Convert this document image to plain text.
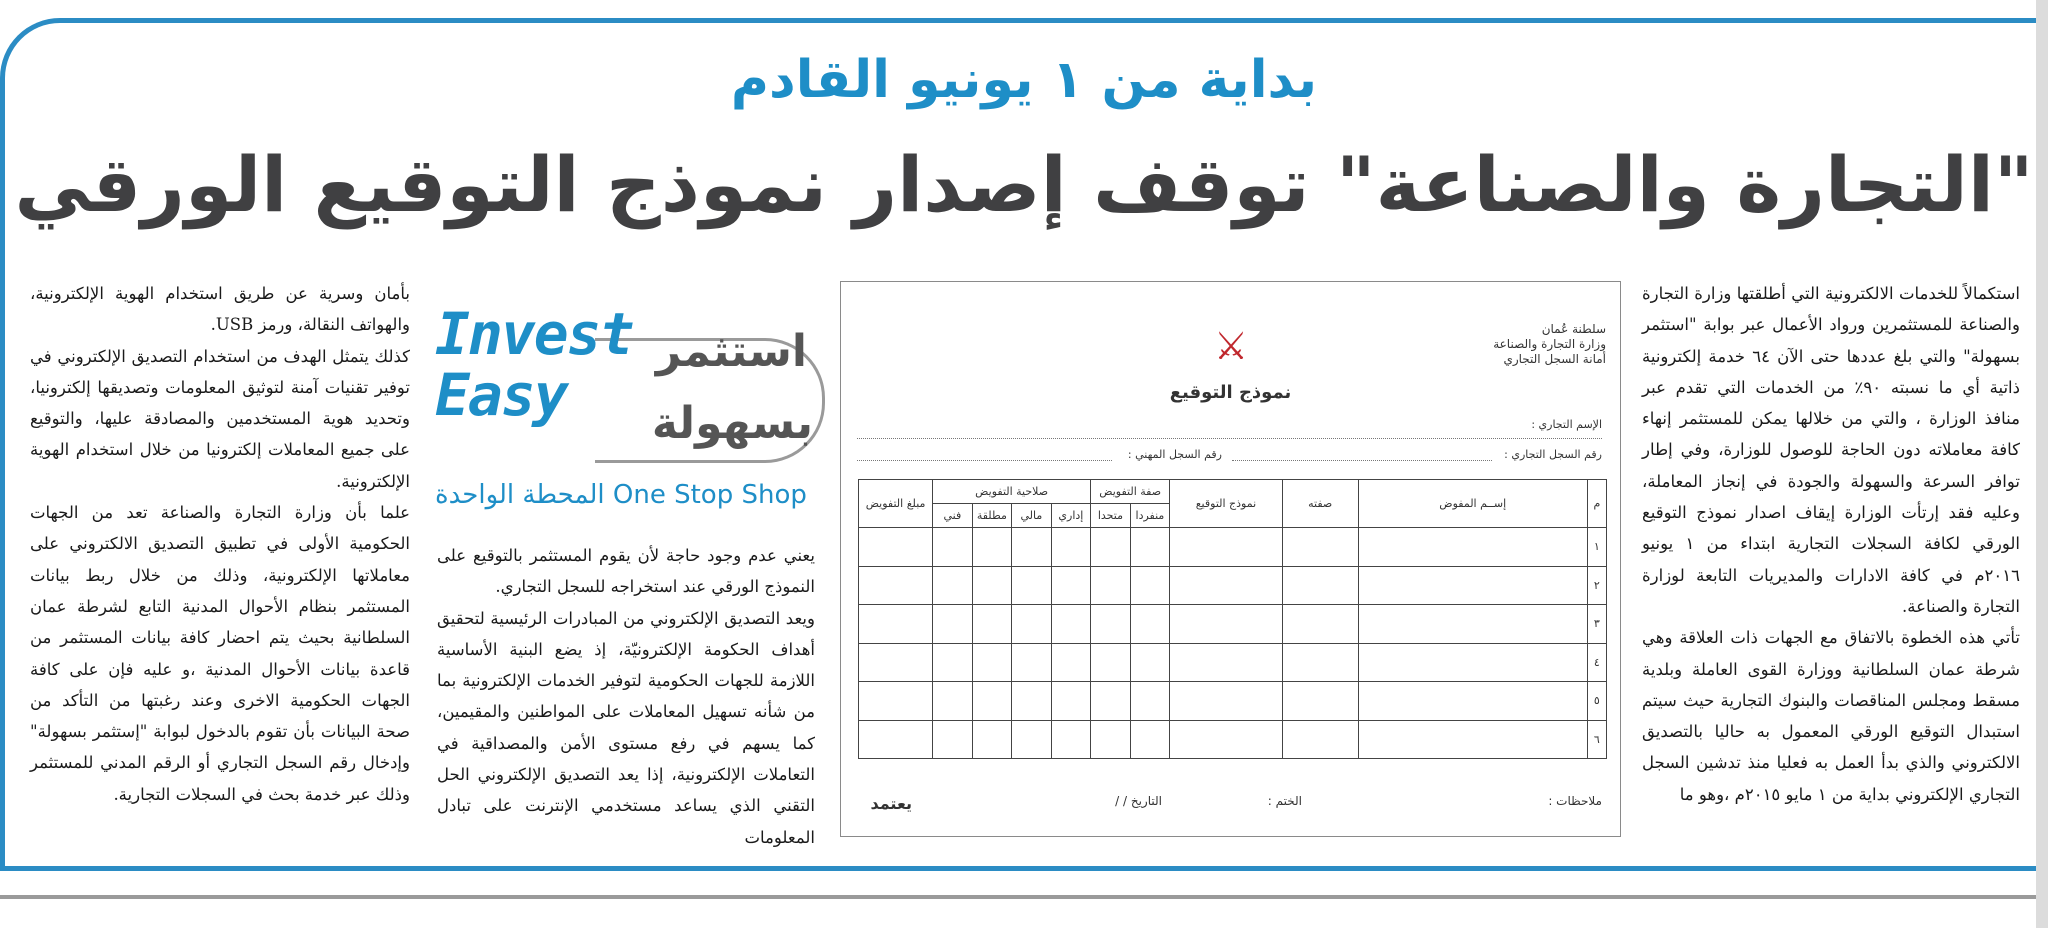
بداية من ١ يونيو القادم
"التجارة والصناعة" توقف إصدار نموذج التوقيع الورقي

استكمالاً للخدمات الالكترونية التي أطلقتها وزارة التجارة والصناعة للمستثمرين ورواد الأعمال عبر بوابة "استثمر بسهولة" والتي بلغ عددها حتى الآن ٦٤ خدمة إلكترونية ذاتية أي ما نسبته ٩٠٪ من الخدمات التي تقدم عبر منافذ الوزارة ، والتي من خلالها يمكن للمستثمر إنهاء كافة معاملاته دون الحاجة للوصول للوزارة، وفي إطار توافر السرعة والسهولة والجودة في إنجاز المعاملة، وعليه فقد إرتأت الوزارة إيقاف اصدار نموذج التوقيع الورقي لكافة السجلات التجارية ابتداء من ١ يونيو ٢٠١٦م في كافة الادارات والمديريات التابعة لوزارة التجارة والصناعة.

تأتي هذه الخطوة بالاتفاق مع الجهات ذات العلاقة وهي شرطة عمان السلطانية ووزارة القوى العاملة وبلدية مسقط ومجلس المناقصات والبنوك التجارية حيث سيتم استبدال التوقيع الورقي المعمول به حاليا بالتصديق الالكتروني والذي بدأ العمل به فعليا منذ تدشين السجل التجاري الإلكتروني بداية من ١ مايو ٢٠١٥م ،وهو ما

سلطنة عُمان
وزارة التجارة والصناعة
أمانة السجل التجاري
⚔
نموذج التوقيع
الإسم التجاري :
رقم السجل التجاري :
رقم السجل المهني :
م	إســم المفوض	صفته	نموذج التوقيع	صفة التفويض		صلاحية التفويض				مبلغ التفويض
				منفردا	متحدا	إداري	مالي	مطلقة	فني	
١										
٢										
٣										
٤										
٥										
٦										
ملاحظات :
الختم :
التاريخ / /
يعتمد
Invest
Easy
استثمر
بسهولة
المحطة الواحدة One Stop Shop

يعني عدم وجود حاجة لأن يقوم المستثمر بالتوقيع على النموذج الورقي عند استخراجه للسجل التجاري.

ويعد التصديق الإلكتروني من المبادرات الرئيسية لتحقيق أهداف الحكومة الإلكترونيّة، إذ يضع البنية الأساسية اللازمة للجهات الحكومية لتوفير الخدمات الإلكترونية بما من شأنه تسهيل المعاملات على المواطنين والمقيمين، كما يسهم في رفع مستوى الأمن والمصداقية في التعاملات الإلكترونية، إذا يعد التصديق الإلكتروني الحل التقني الذي يساعد مستخدمي الإنترنت على تبادل المعلومات

بأمان وسرية عن طريق استخدام الهوية الإلكترونية، والهواتف النقالة، ورمز USB.

كذلك يتمثل الهدف من استخدام التصديق الإلكتروني في توفير تقنيات آمنة لتوثيق المعلومات وتصديقها إلكترونيا، وتحديد هوية المستخدمين والمصادقة عليها، والتوقيع على جميع المعاملات إلكترونيا من خلال استخدام الهوية الإلكترونية.

علما بأن وزارة التجارة والصناعة تعد من الجهات الحكومية الأولى في تطبيق التصديق الالكتروني على معاملاتها الإلكترونية، وذلك من خلال ربط بيانات المستثمر بنظام الأحوال المدنية التابع لشرطة عمان السلطانية بحيث يتم احضار كافة بيانات المستثمر من قاعدة بيانات الأحوال المدنية ،و عليه فإن على كافة الجهات الحكومية الاخرى وعند رغبتها من التأكد من صحة البيانات بأن تقوم بالدخول لبوابة "إستثمر بسهولة" وإدخال رقم السجل التجاري أو الرقم المدني للمستثمر وذلك عبر خدمة بحث في السجلات التجارية.
